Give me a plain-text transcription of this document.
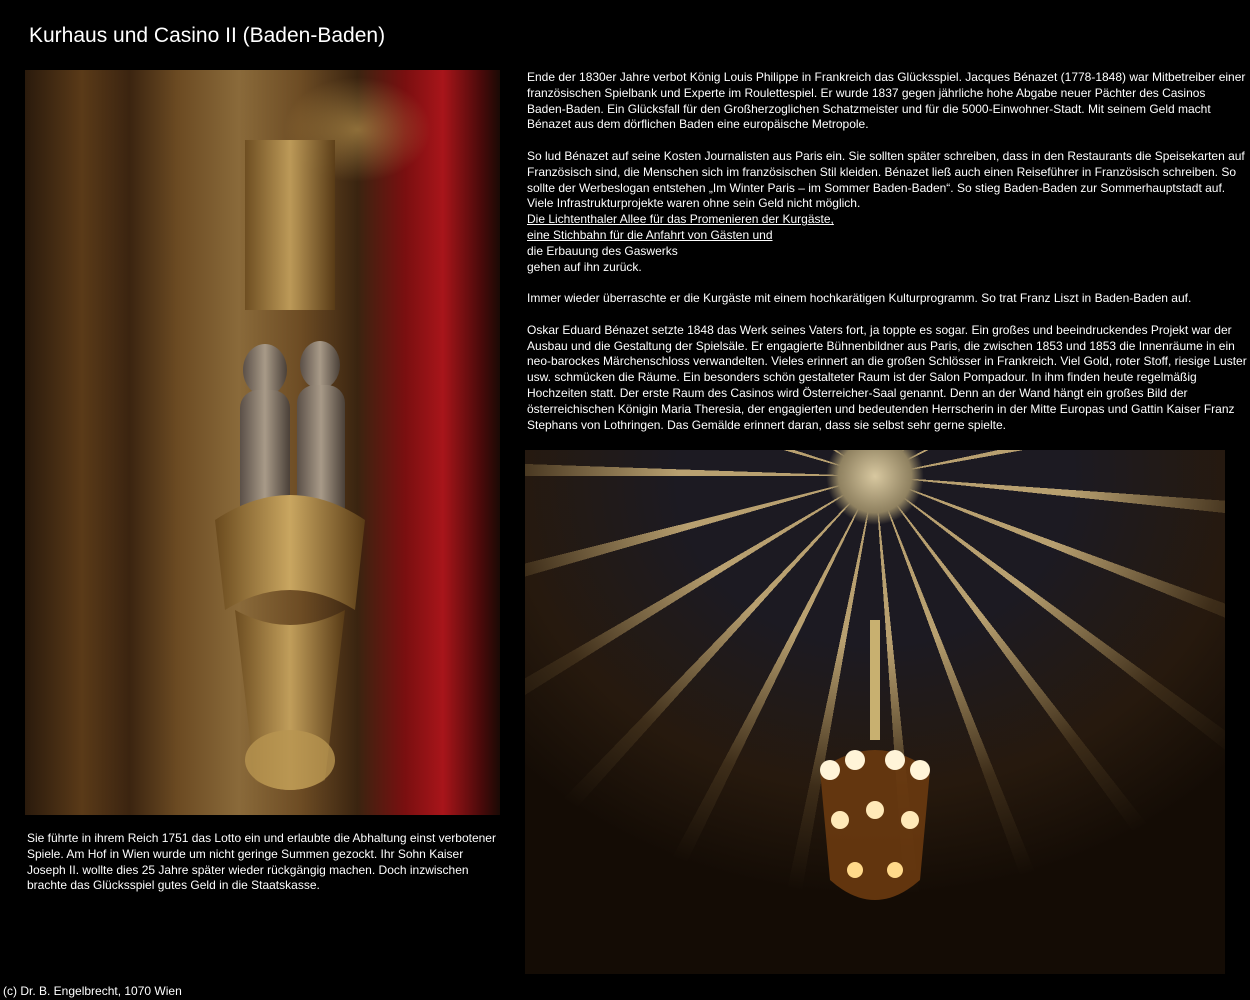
Kurhaus und Casino II (Baden-Baden)

Ende der 1830er Jahre verbot König Louis Philippe in Frankreich das Glücksspiel. Jacques Bénazet (1778-1848) war Mitbetreiber einer französischen Spielbank und Experte im Roulettespiel. Er wurde 1837 gegen jährliche hohe Abgabe neuer Pächter des Casinos Baden-Baden. Ein Glücksfall für den Großherzoglichen Schatzmeister und für die 5000-Einwohner-Stadt. Mit seinem Geld macht Bénazet aus dem dörflichen Baden eine europäische Metropole.

So lud Bénazet auf seine Kosten Journalisten aus Paris ein. Sie sollten später schreiben, dass in den Restaurants die Speisekarten auf Französisch sind, die Menschen sich im französischen Stil kleiden. Bénazet ließ auch einen Reiseführer in Französisch schreiben. So sollte der Werbeslogan entstehen „Im Winter Paris – im Sommer Baden-Baden“. So stieg Baden-Baden zur Sommerhauptstadt auf. Viele Infrastrukturprojekte waren ohne sein Geld nicht möglich.
Die Lichtenthaler Allee für das Promenieren der Kurgäste,
eine Stichbahn für die Anfahrt von Gästen und
die Erbauung des Gaswerks
gehen auf ihn zurück.

Immer wieder überraschte er die Kurgäste mit einem hochkarätigen Kulturprogramm. So trat Franz Liszt in Baden-Baden auf.

Oskar Eduard Bénazet setzte 1848 das Werk seines Vaters fort, ja toppte es sogar. Ein großes und beeindruckendes Projekt war der Ausbau und die Gestaltung der Spielsäle. Er engagierte Bühnenbildner aus Paris, die zwischen 1853 und 1853 die Innenräume in ein neo-barockes Märchenschloss verwandelten. Vieles erinnert an die großen Schlösser in Frankreich. Viel Gold, roter Stoff, riesige Luster usw. schmücken die Räume. Ein besonders schön gestalteter Raum ist der Salon Pompadour. In ihm finden heute regelmäßig Hochzeiten statt. Der erste Raum des Casinos wird Österreicher-Saal genannt. Denn an der Wand hängt ein großes Bild der österreichischen Königin Maria Theresia, der engagierten und bedeutenden Herrscherin in der Mitte Europas und Gattin Kaiser Franz Stephans von Lothringen. Das Gemälde erinnert daran, dass sie selbst sehr gerne spielte.

Sie führte in ihrem Reich 1751 das Lotto ein und erlaubte die Abhaltung einst verbotener Spiele. Am Hof in Wien wurde um nicht geringe Summen gezockt. Ihr Sohn Kaiser Joseph II. wollte dies 25 Jahre später wieder rückgängig machen. Doch inzwischen brachte das Glücksspiel gutes Geld in die Staatskasse.

(c) Dr. B. Engelbrecht, 1070 Wien
